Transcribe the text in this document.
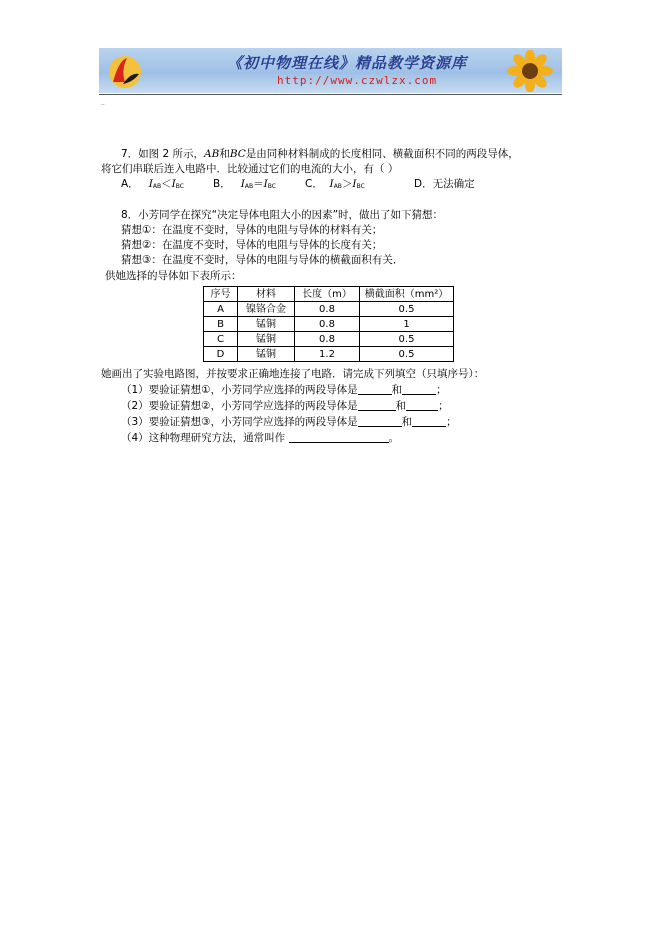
《初中物理在线》精品教学资源库
http://www.czwlzx.com
..
7．如图 2 所示，AB和BC是由同种材料制成的长度相同、横截面积不同的两段导体，
将它们串联后连入电路中．比较通过它们的电流的大小，有（ ）
A． IAB＜IBC	B． IAB＝IBC	C． IAB＞IBC	D．无法确定
8．小芳同学在探究“决定导体电阻大小的因素”时，做出了如下猜想：
猜想①：在温度不变时，导体的电阻与导体的材料有关；
猜想②：在温度不变时，导体的电阻与导体的长度有关；
猜想③：在温度不变时，导体的电阻与导体的横截面积有关．
供她选择的导体如下表所示：
序号	材料	长度（m）	横截面积（mm²）
A	镍铬合金	0.8	0.5
B	锰铜	0.8	1
C	锰铜	0.8	0.5
D	锰铜	1.2	0.5
她画出了实验电路图，并按要求正确地连接了电路．请完成下列填空（只填序号）：
（1）要验证猜想①，小芳同学应选择的两段导体是	和	；
（2）要验证猜想②，小芳同学应选择的两段导体是	和	；
（3）要验证猜想③，小芳同学应选择的两段导体是	和	；
（4）这种物理研究方法，通常叫作	。
